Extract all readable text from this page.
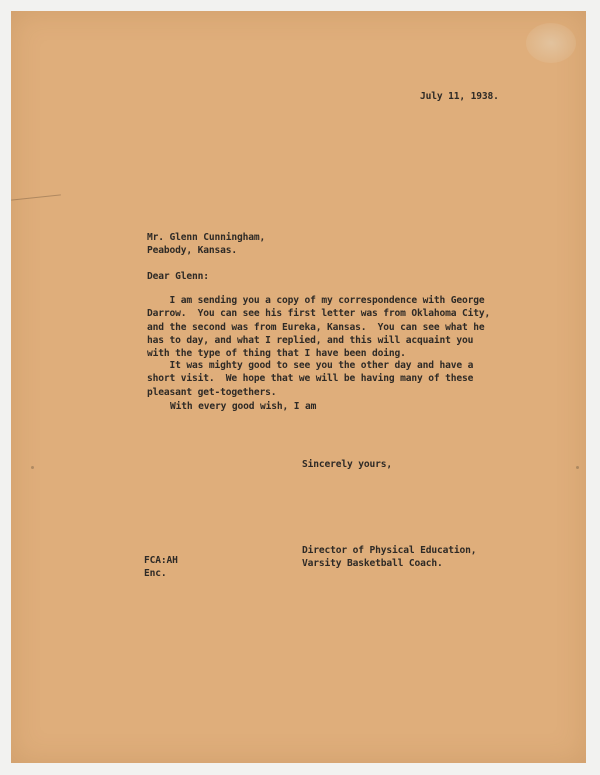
July 11, 1938.
Mr. Glenn Cunningham,
Peabody, Kansas.
Dear Glenn:
I am sending you a copy of my correspondence with George
Darrow.  You can see his first letter was from Oklahoma City,
and the second was from Eureka, Kansas.  You can see what he
has to day, and what I replied, and this will acquaint you
with the type of thing that I have been doing.
It was mighty good to see you the other day and have a
short visit.  We hope that we will be having many of these
pleasant get-togethers.
With every good wish, I am
Sincerely yours,
Director of Physical Education,
Varsity Basketball Coach.
FCA:AH
Enc.
